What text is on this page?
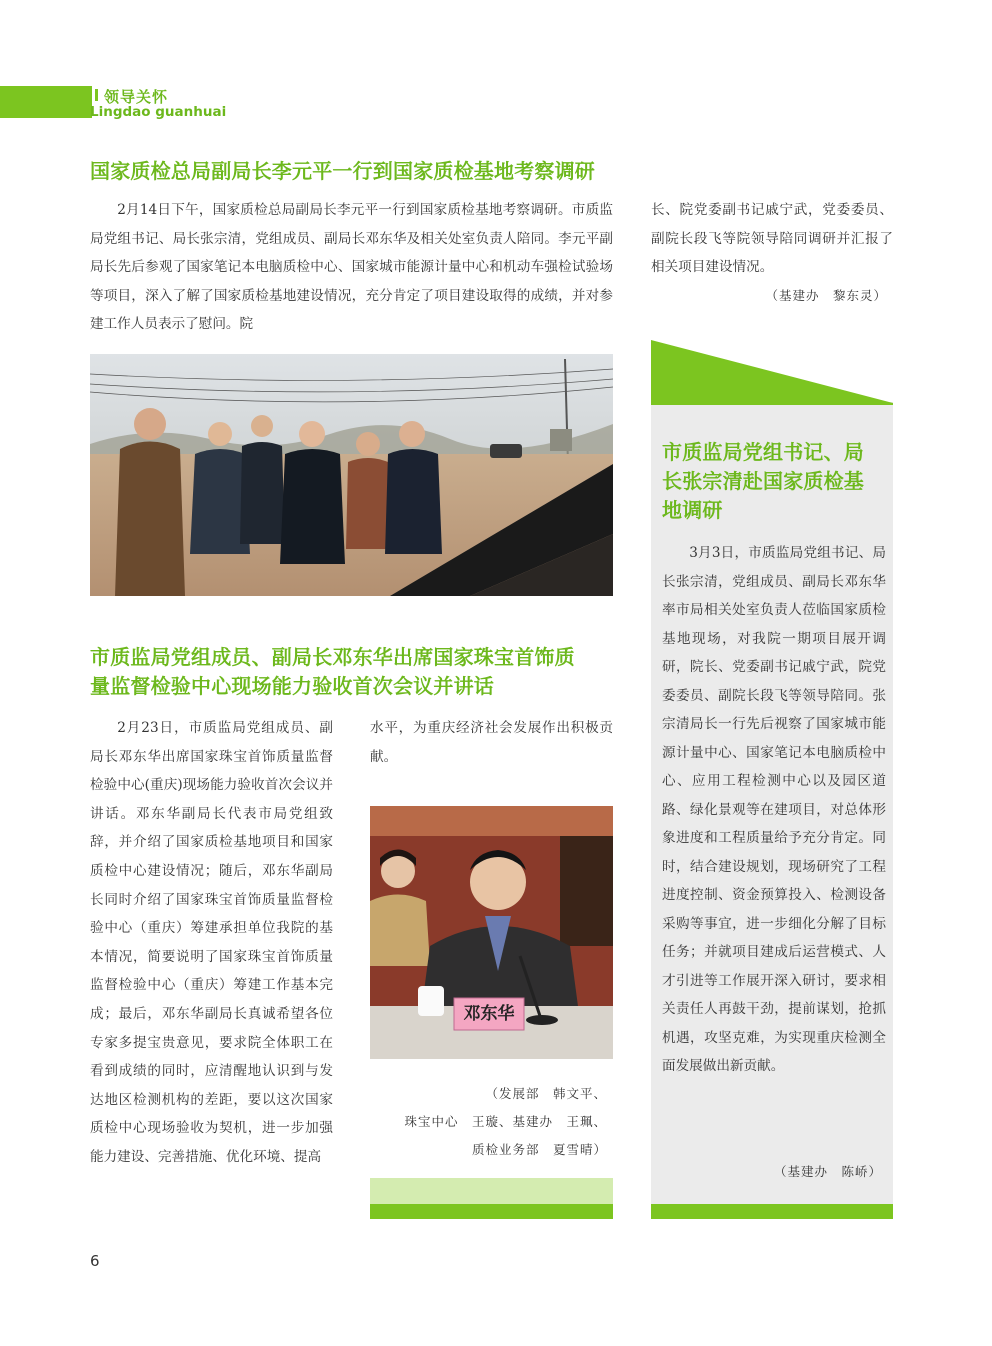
领导关怀
Lingdao guanhuai
国家质检总局副局长李元平一行到国家质检基地考察调研
2月14日下午，国家质检总局副局长李元平一行到国家质检基地考察调研。市质监局党组书记、局长张宗清，党组成员、副局长邓东华及相关处室负责人陪同。李元平副局长先后参观了国家笔记本电脑质检中心、国家城市能源计量中心和机动车强检试验场等项目，深入了解了国家质检基地建设情况，充分肯定了项目建设取得的成绩，并对参建工作人员表示了慰问。院
长、院党委副书记戚宁武，党委委员、副院长段飞等院领导陪同调研并汇报了相关项目建设情况。
（基建办　黎东灵）
市质监局党组成员、副局长邓东华出席国家珠宝首饰质
量监督检验中心现场能力验收首次会议并讲话
2月23日，市质监局党组成员、副局长邓东华出席国家珠宝首饰质量监督检验中心(重庆)现场能力验收首次会议并讲话。邓东华副局长代表市局党组致辞，并介绍了国家质检基地项目和国家质检中心建设情况；随后，邓东华副局长同时介绍了国家珠宝首饰质量监督检验中心（重庆）筹建承担单位我院的基本情况，简要说明了国家珠宝首饰质量监督检验中心（重庆）筹建工作基本完成；最后，邓东华副局长真诚希望各位专家多提宝贵意见，要求院全体职工在看到成绩的同时，应清醒地认识到与发达地区检测机构的差距，要以这次国家质检中心现场验收为契机，进一步加强能力建设、完善措施、优化环境、提高
水平，为重庆经济社会发展作出积极贡献。
邓东华
（发展部　韩文平、
珠宝中心　王璇、基建办　王珮、
质检业务部　夏雪晴）
市质监局党组书记、局
长张宗清赴国家质检基
地调研
3月3日，市质监局党组书记、局长张宗清，党组成员、副局长邓东华率市局相关处室负责人莅临国家质检基地现场，对我院一期项目展开调研，院长、党委副书记戚宁武，院党委委员、副院长段飞等领导陪同。张宗清局长一行先后视察了国家城市能源计量中心、国家笔记本电脑质检中心、应用工程检测中心以及园区道路、绿化景观等在建项目，对总体形象进度和工程质量给予充分肯定。同时，结合建设规划，现场研究了工程进度控制、资金预算投入、检测设备采购等事宜，进一步细化分解了目标任务；并就项目建成后运营模式、人才引进等工作展开深入研讨，要求相关责任人再鼓干劲，提前谋划，抢抓机遇，攻坚克难，为实现重庆检测全面发展做出新贡献。
（基建办　陈峤）
6
